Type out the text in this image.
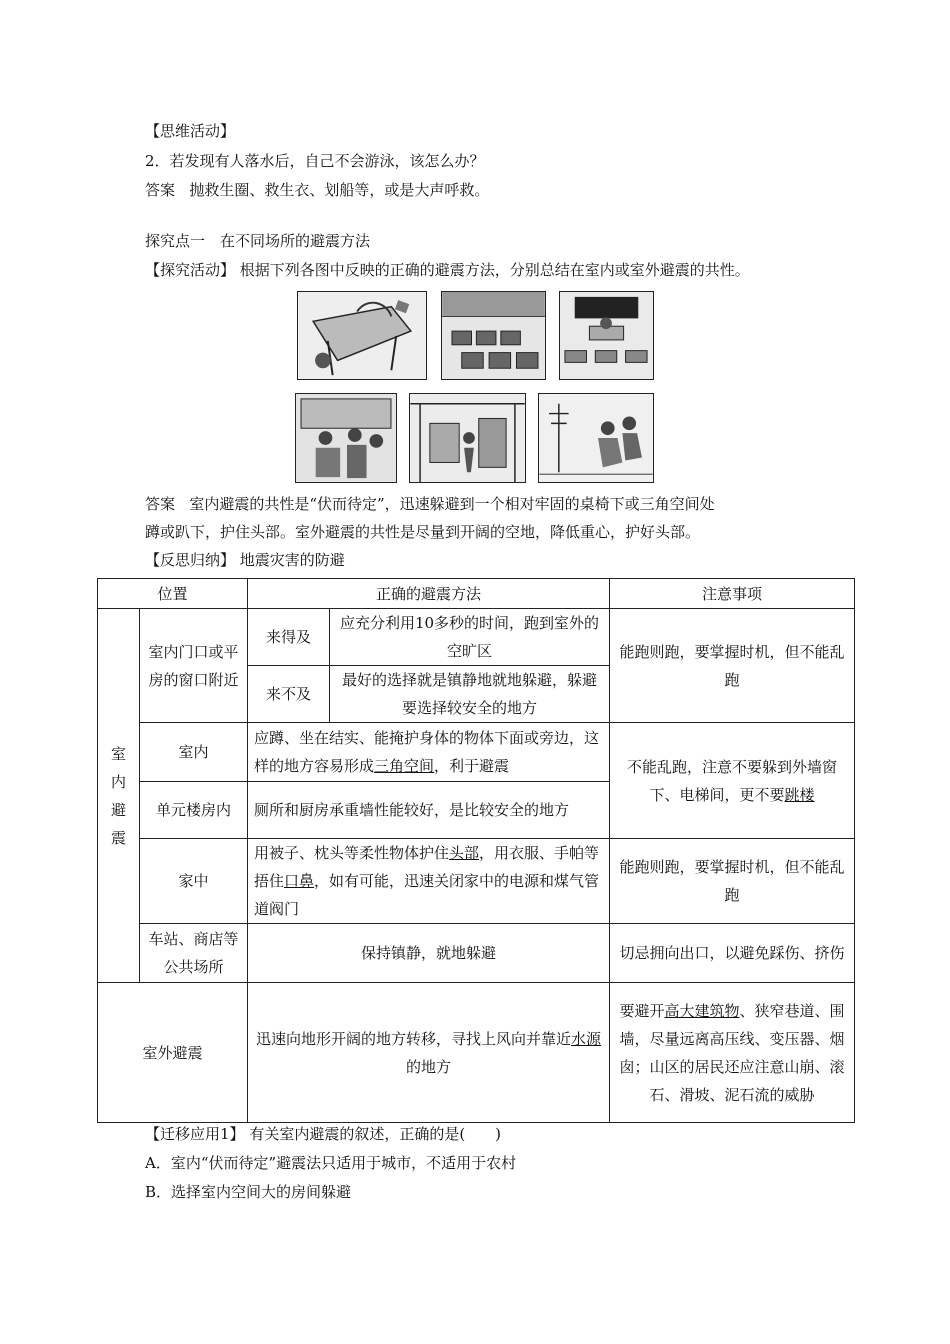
【思维活动】
2．若发现有人落水后，自己不会游泳，该怎么办？
答案 抛救生圈、救生衣、划船等，或是大声呼救。
探究点一　在不同场所的避震方法
【探究活动】 根据下列各图中反映的正确的避震方法，分别总结在室内或室外避震的共性。
答案 室内避震的共性是“伏而待定”，迅速躲避到一个相对牢固的桌椅下或三角空间处
蹲或趴下，护住头部。室外避震的共性是尽量到开阔的空地，降低重心，护好头部。
【反思归纳】 地震灾害的防避
位置		正确的避震方法		注意事项
室内避震	室内门口或平房的窗口附近	来得及	应充分利用10多秒的时间，跑到室外的空旷区	能跑则跑，要掌握时机，但不能乱跑
		来不及	最好的选择就是镇静地就地躲避，躲避要选择较安全的地方	
	室内	应蹲、坐在结实、能掩护身体的物体下面或旁边，这样的地方容易形成三角空间，利于避震		不能乱跑，注意不要躲到外墙窗下、电梯间，更不要跳楼
	单元楼房内	厕所和厨房承重墙性能较好，是比较安全的地方		
	家中	用被子、枕头等柔性物体护住头部，用衣服、手帕等捂住口鼻，如有可能，迅速关闭家中的电源和煤气管道阀门		能跑则跑，要掌握时机，但不能乱跑
	车站、商店等公共场所	保持镇静，就地躲避		切忌拥向出口，以避免踩伤、挤伤
室外避震		迅速向地形开阔的地方转移，寻找上风向并靠近水源的地方		要避开高大建筑物、狭窄巷道、围墙，尽量远离高压线、变压器、烟囱；山区的居民还应注意山崩、滚石、滑坡、泥石流的威胁
【迁移应用1】 有关室内避震的叙述，正确的是(　　)
A．室内“伏而待定”避震法只适用于城市，不适用于农村
B．选择室内空间大的房间躲避
